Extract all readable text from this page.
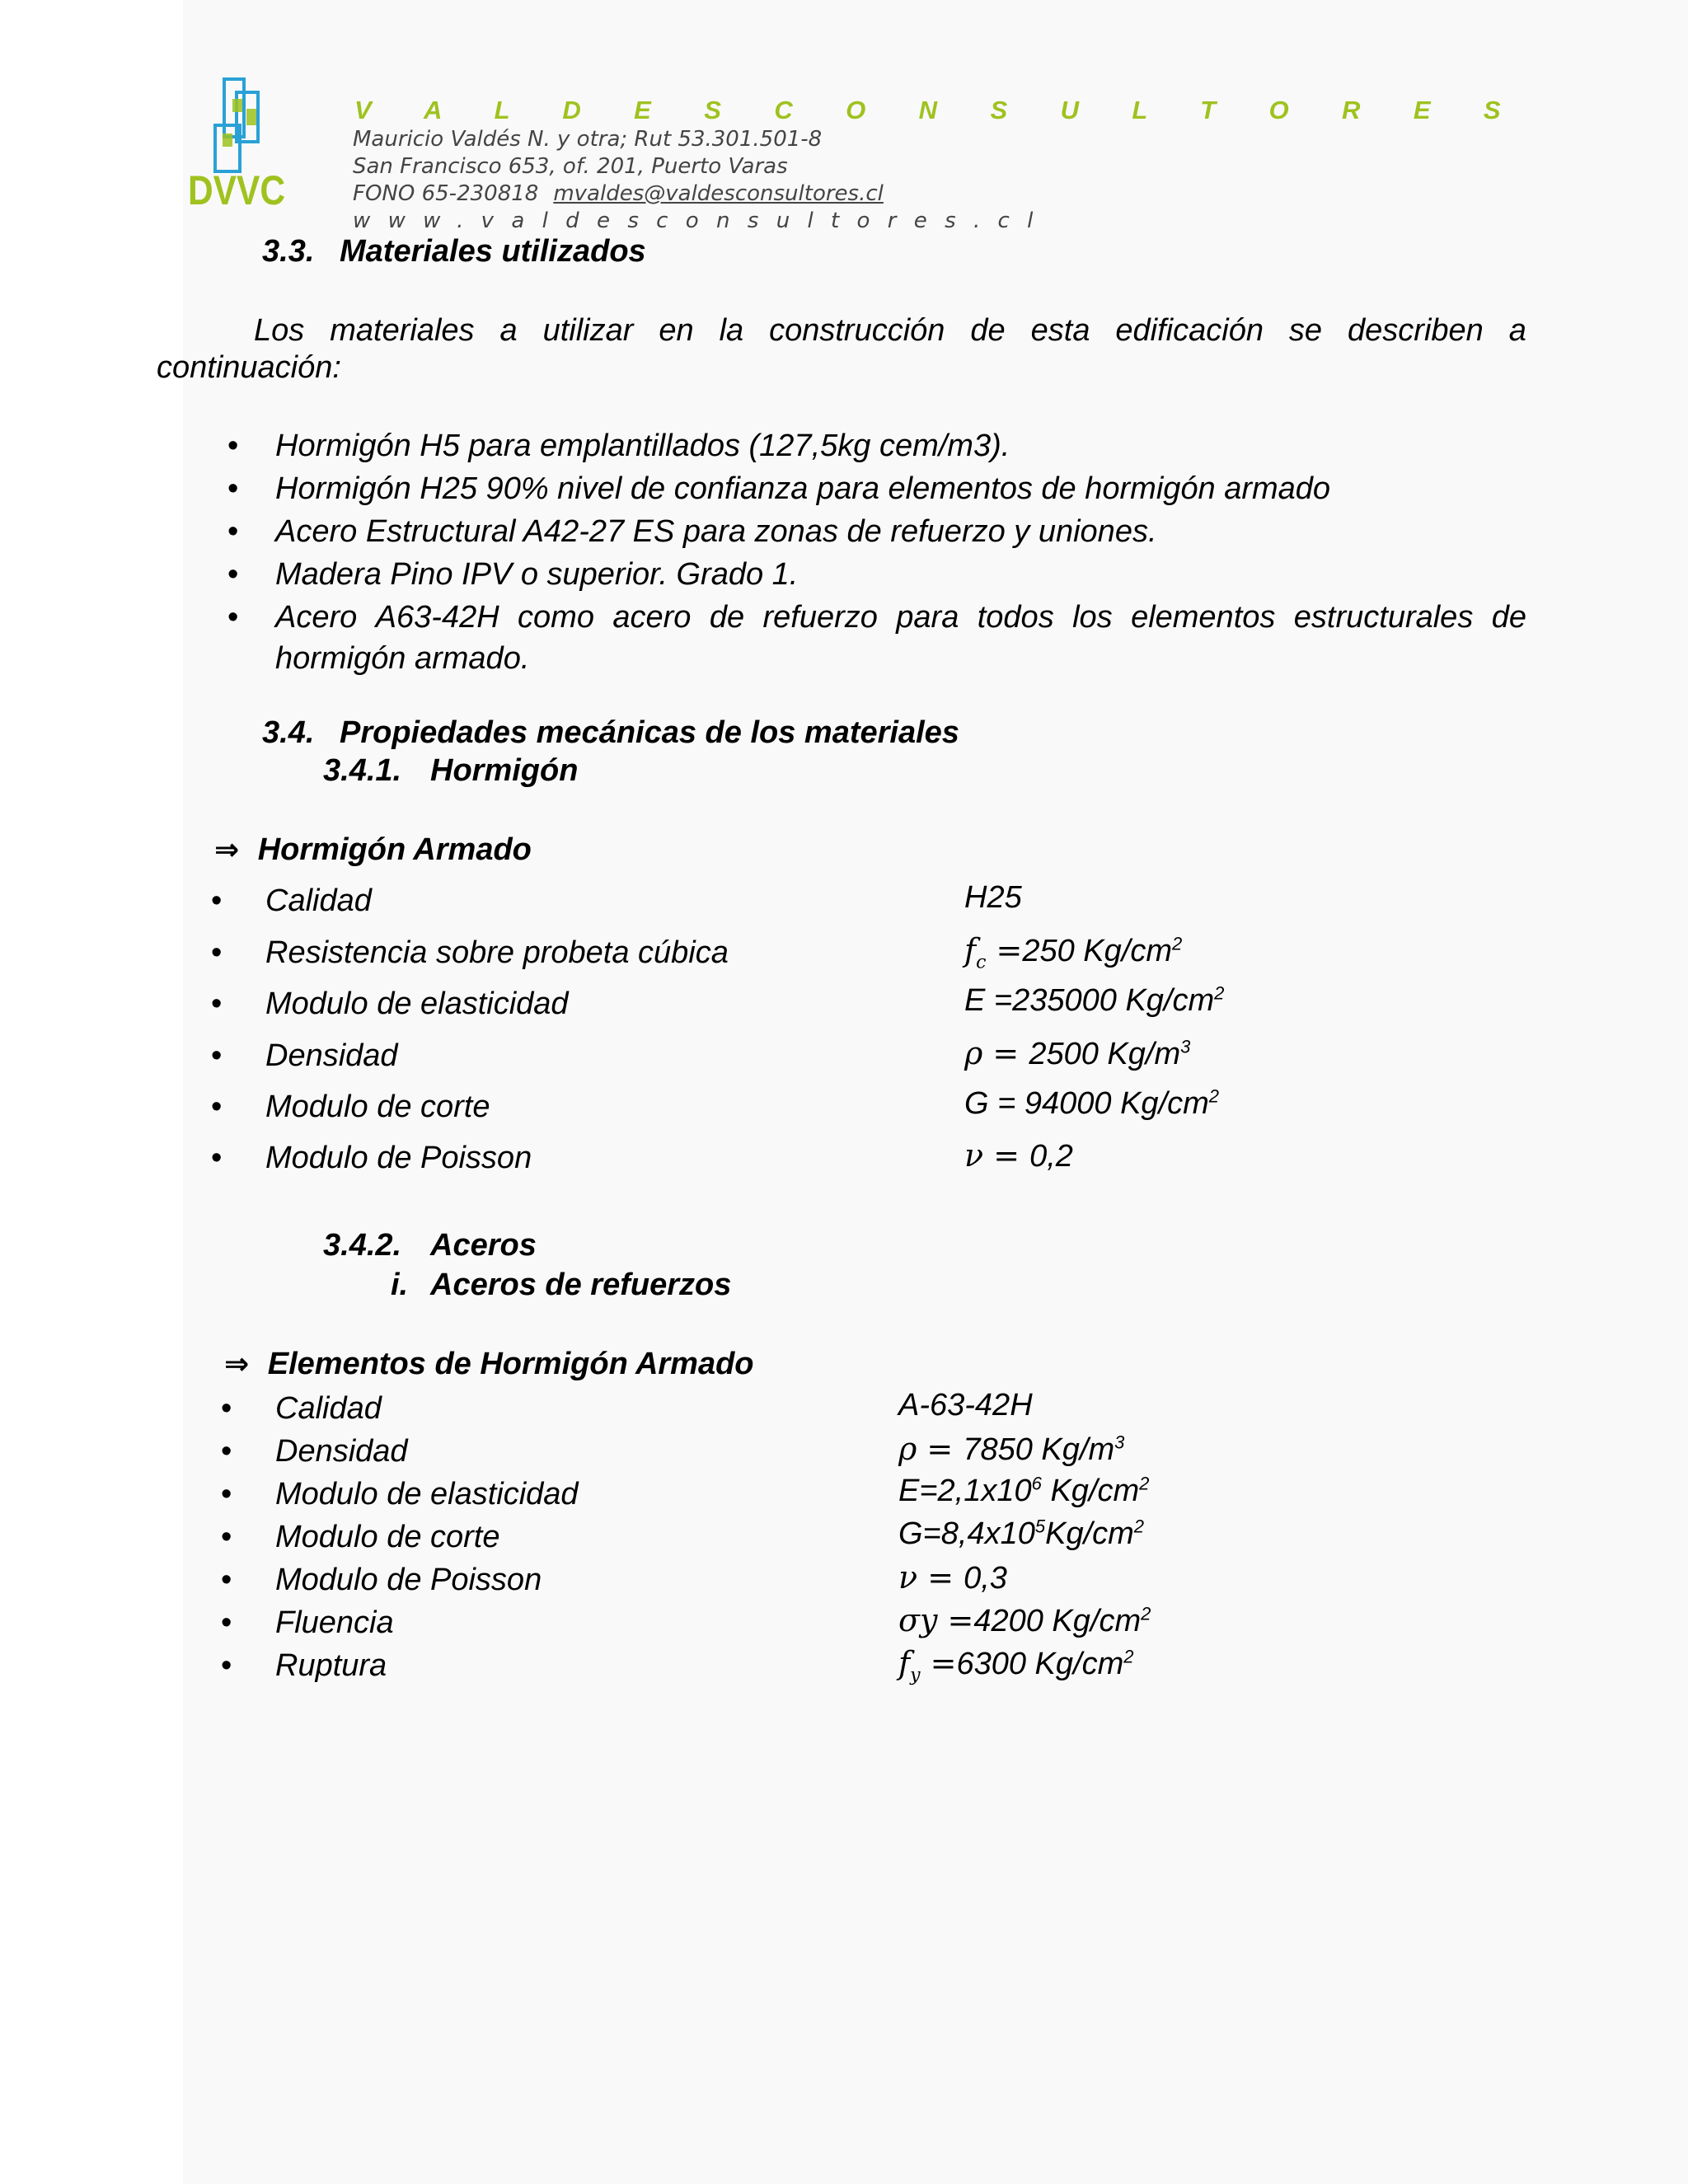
DVVC
V A L D E S C O N S U L T O R E S
Mauricio Valdés N. y otra; Rut 53.301.501-8
San Francisco 653, of. 201, Puerto Varas
FONO 65-230818 mvaldes@valdesconsultores.cl
www.valdesconsultores.cl
3.3. Materiales utilizados
Los materiales a utilizar en la construcción de esta edificación se describen a
continuación:
• Hormigón H5 para emplantillados (127,5kg cem/m3).
• Hormigón H25 90% nivel de confianza para elementos de hormigón armado
• Acero Estructural A42-27 ES para zonas de refuerzo y uniones.
• Madera Pino IPV o superior. Grado 1.
• Acero A63-42H como acero de refuerzo para todos los elementos estructurales de
hormigón armado.
3.4. Propiedades mecánicas de los materiales
3.4.1. Hormigón
⇒ Hormigón Armado
• Calidad	H25
• Resistencia sobre probeta cúbica	$f_c =250$ $Kg/cm^2$
• Modulo de elasticidad	E =235000 $Kg/cm^2$
• Densidad	ρ = 2500 $Kg/m^3$
• Modulo de corte	G = 94000 $Kg/cm^2$
• Modulo de Poisson	ν = 0,2
3.4.2. Aceros
i. Aceros de refuerzos
⇒ Elementos de Hormigón Armado
• Calidad	A-63-42H
• Densidad	ρ = 7850 $Kg/m^3$
• Modulo de elasticidad	$E=2,1x10^6$ $Kg/cm^2$
• Modulo de corte	$G=8,4x10^5Kg/cm^2$
• Modulo de Poisson	ν = 0,3
• Fluencia	σy =4200 $Kg/cm^2$
• Ruptura	$f_y =6300$ $Kg/cm^2$
